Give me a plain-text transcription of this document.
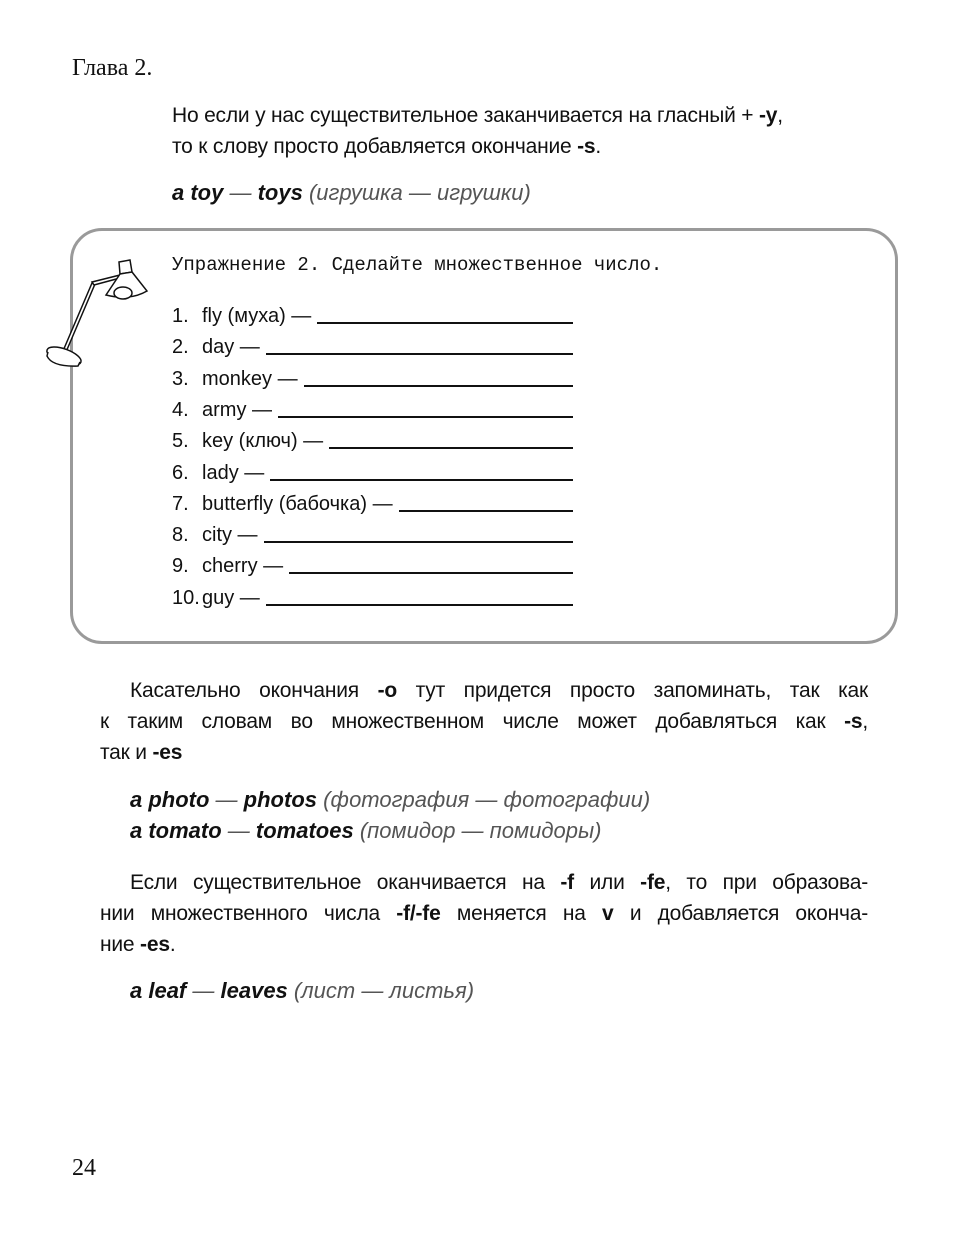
Глава 2.
Но если у нас существительное заканчивается на гласный + -y,
то к слову просто добавляется окончание -s.
a toy — toys (игрушка — игрушки)
Упражнение 2. Сделайте множественное число.
1. fly (муха) —
2. day —
3. monkey —
4. army —
5. key (ключ) —
6. lady —
7. butterfly (бабочка) —
8. city —
9. cherry —
10. guy —
Касательно окончания -o тут придется просто запоминать, так как
к таким словам во множественном числе может добавляться как -s,
так и -es
a photo — photos (фотография — фотографии)
a tomato — tomatoes (помидор — помидоры)
Если существительное оканчивается на -f или -fe, то при образова-
нии множественного числа -f/-fe меняется на v и добавляется оконча-
ние -es.
a leaf — leaves (лист — листья)
24
